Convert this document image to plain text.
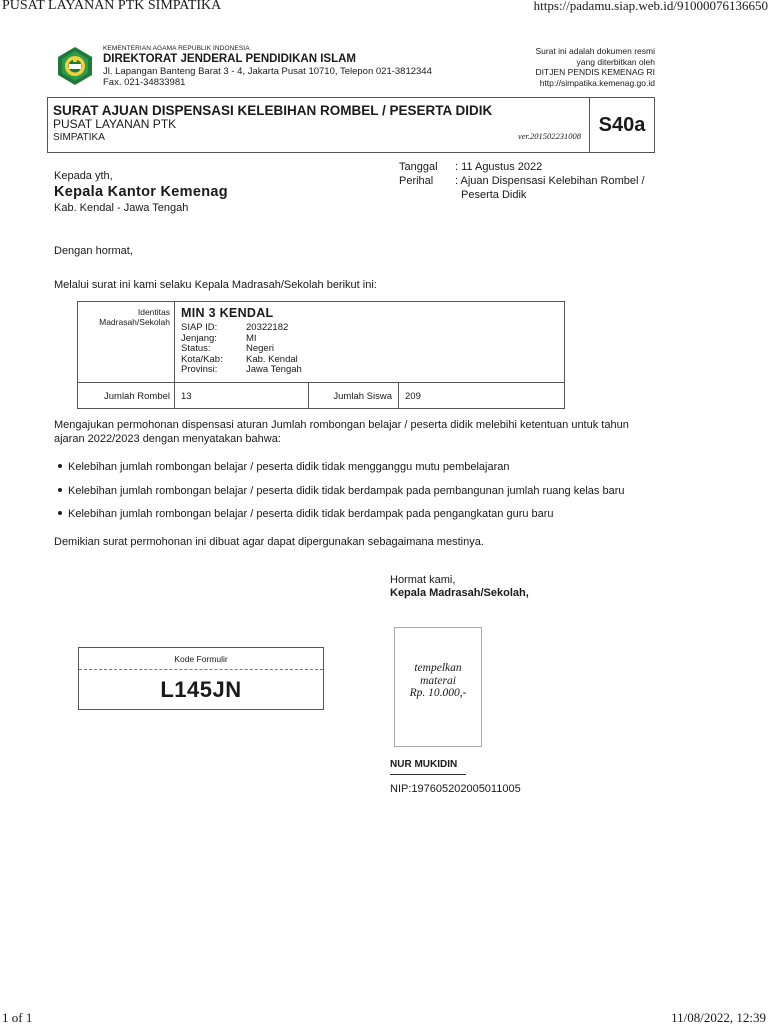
PUSAT LAYANAN PTK SIMPATIKA	https://padamu.siap.web.id/91000076136650
1 of 1	11/08/2022, 12:39
KEMENTERIAN AGAMA REPUBLIK INDONESIA
DIREKTORAT JENDERAL PENDIDIKAN ISLAM
Jl. Lapangan Banteng Barat 3 - 4, Jakarta Pusat 10710, Telepon 021-3812344
Fax. 021-34833981
Surat ini adalah dokumen resmi
yang diterbitkan oleh
DITJEN PENDIS KEMENAG RI
http://simpatika.kemenag.go.id
SURAT AJUAN DISPENSASI KELEBIHAN ROMBEL / PESERTA DIDIK
PUSAT LAYANAN PTK
SIMPATIKA	ver.201502231008
S40a
Kepada yth,
Kepala Kantor Kemenag
Kab. Kendal - Jawa Tengah
Tanggal	: 11 Agustus 2022
Perihal	: Ajuan Dispensasi Kelebihan Rombel /
Peserta Didik
Dengan hormat,
Melalui surat ini kami selaku Kepala Madrasah/Sekolah berikut ini:
Identitas
Madrasah/Sekolah
MIN 3 KENDAL
SIAP ID:	20322182
Jenjang:	MI
Status:	Negeri
Kota/Kab:	Kab. Kendal
Provinsi:	Jawa Tengah
Jumlah Rombel	13	Jumlah Siswa	209
Mengajukan permohonan dispensasi aturan Jumlah rombongan belajar / peserta didik melebihi ketentuan untuk tahun ajaran 2022/2023 dengan menyatakan bahwa:
Kelebihan jumlah rombongan belajar / peserta didik tidak mengganggu mutu pembelajaran
Kelebihan jumlah rombongan belajar / peserta didik tidak berdampak pada pembangunan jumlah ruang kelas baru
Kelebihan jumlah rombongan belajar / peserta didik tidak berdampak pada pengangkatan guru baru
Demikian surat permohonan ini dibuat agar dapat dipergunakan sebagaimana mestinya.
Hormat kami,
Kepala Madrasah/Sekolah,
tempelkan
materai
Rp. 10.000,-
NUR MUKIDIN
NIP:197605202005011005
Kode Formulir
L145JN
